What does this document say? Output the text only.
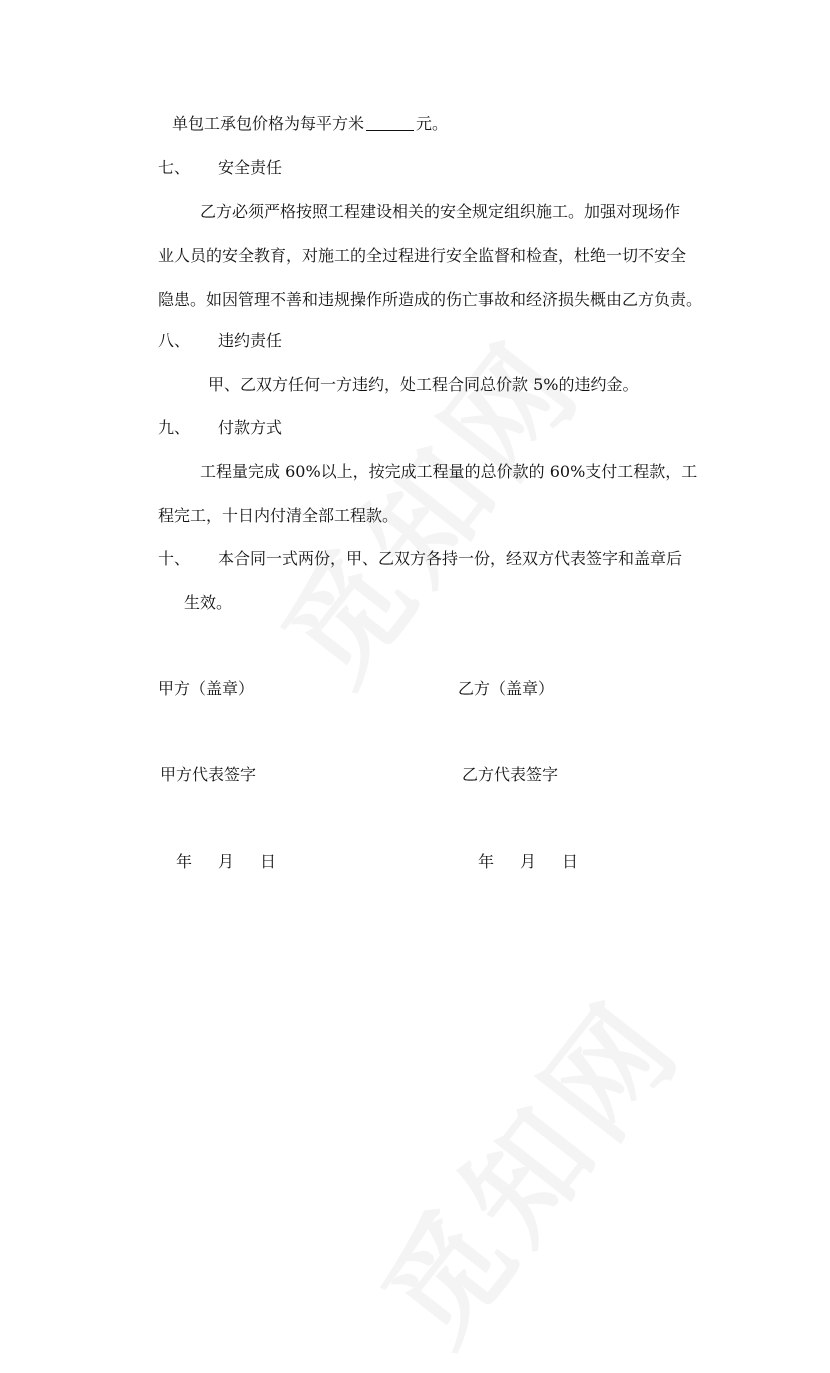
单包工承包价格为每平方米	元。
七、 安全责任
乙方必须严格按照工程建设相关的安全规定组织施工。加强对现场作
业人员的安全教育，对施工的全过程进行安全监督和检查，杜绝一切不安全
隐患。如因管理不善和违规操作所造成的伤亡事故和经济损失概由乙方负责。
八、 违约责任
甲、乙双方任何一方违约，处工程合同总价款 5%的违约金。
九、 付款方式
工程量完成 60%以上，按完成工程量的总价款的 60%支付工程款，工
程完工，十日内付清全部工程款。
十、 本合同一式两份，甲、乙双方各持一份，经双方代表签字和盖章后
生效。
甲方（盖章）	乙方（盖章）
甲方代表签字	乙方代表签字
年 月 日	年 月 日
